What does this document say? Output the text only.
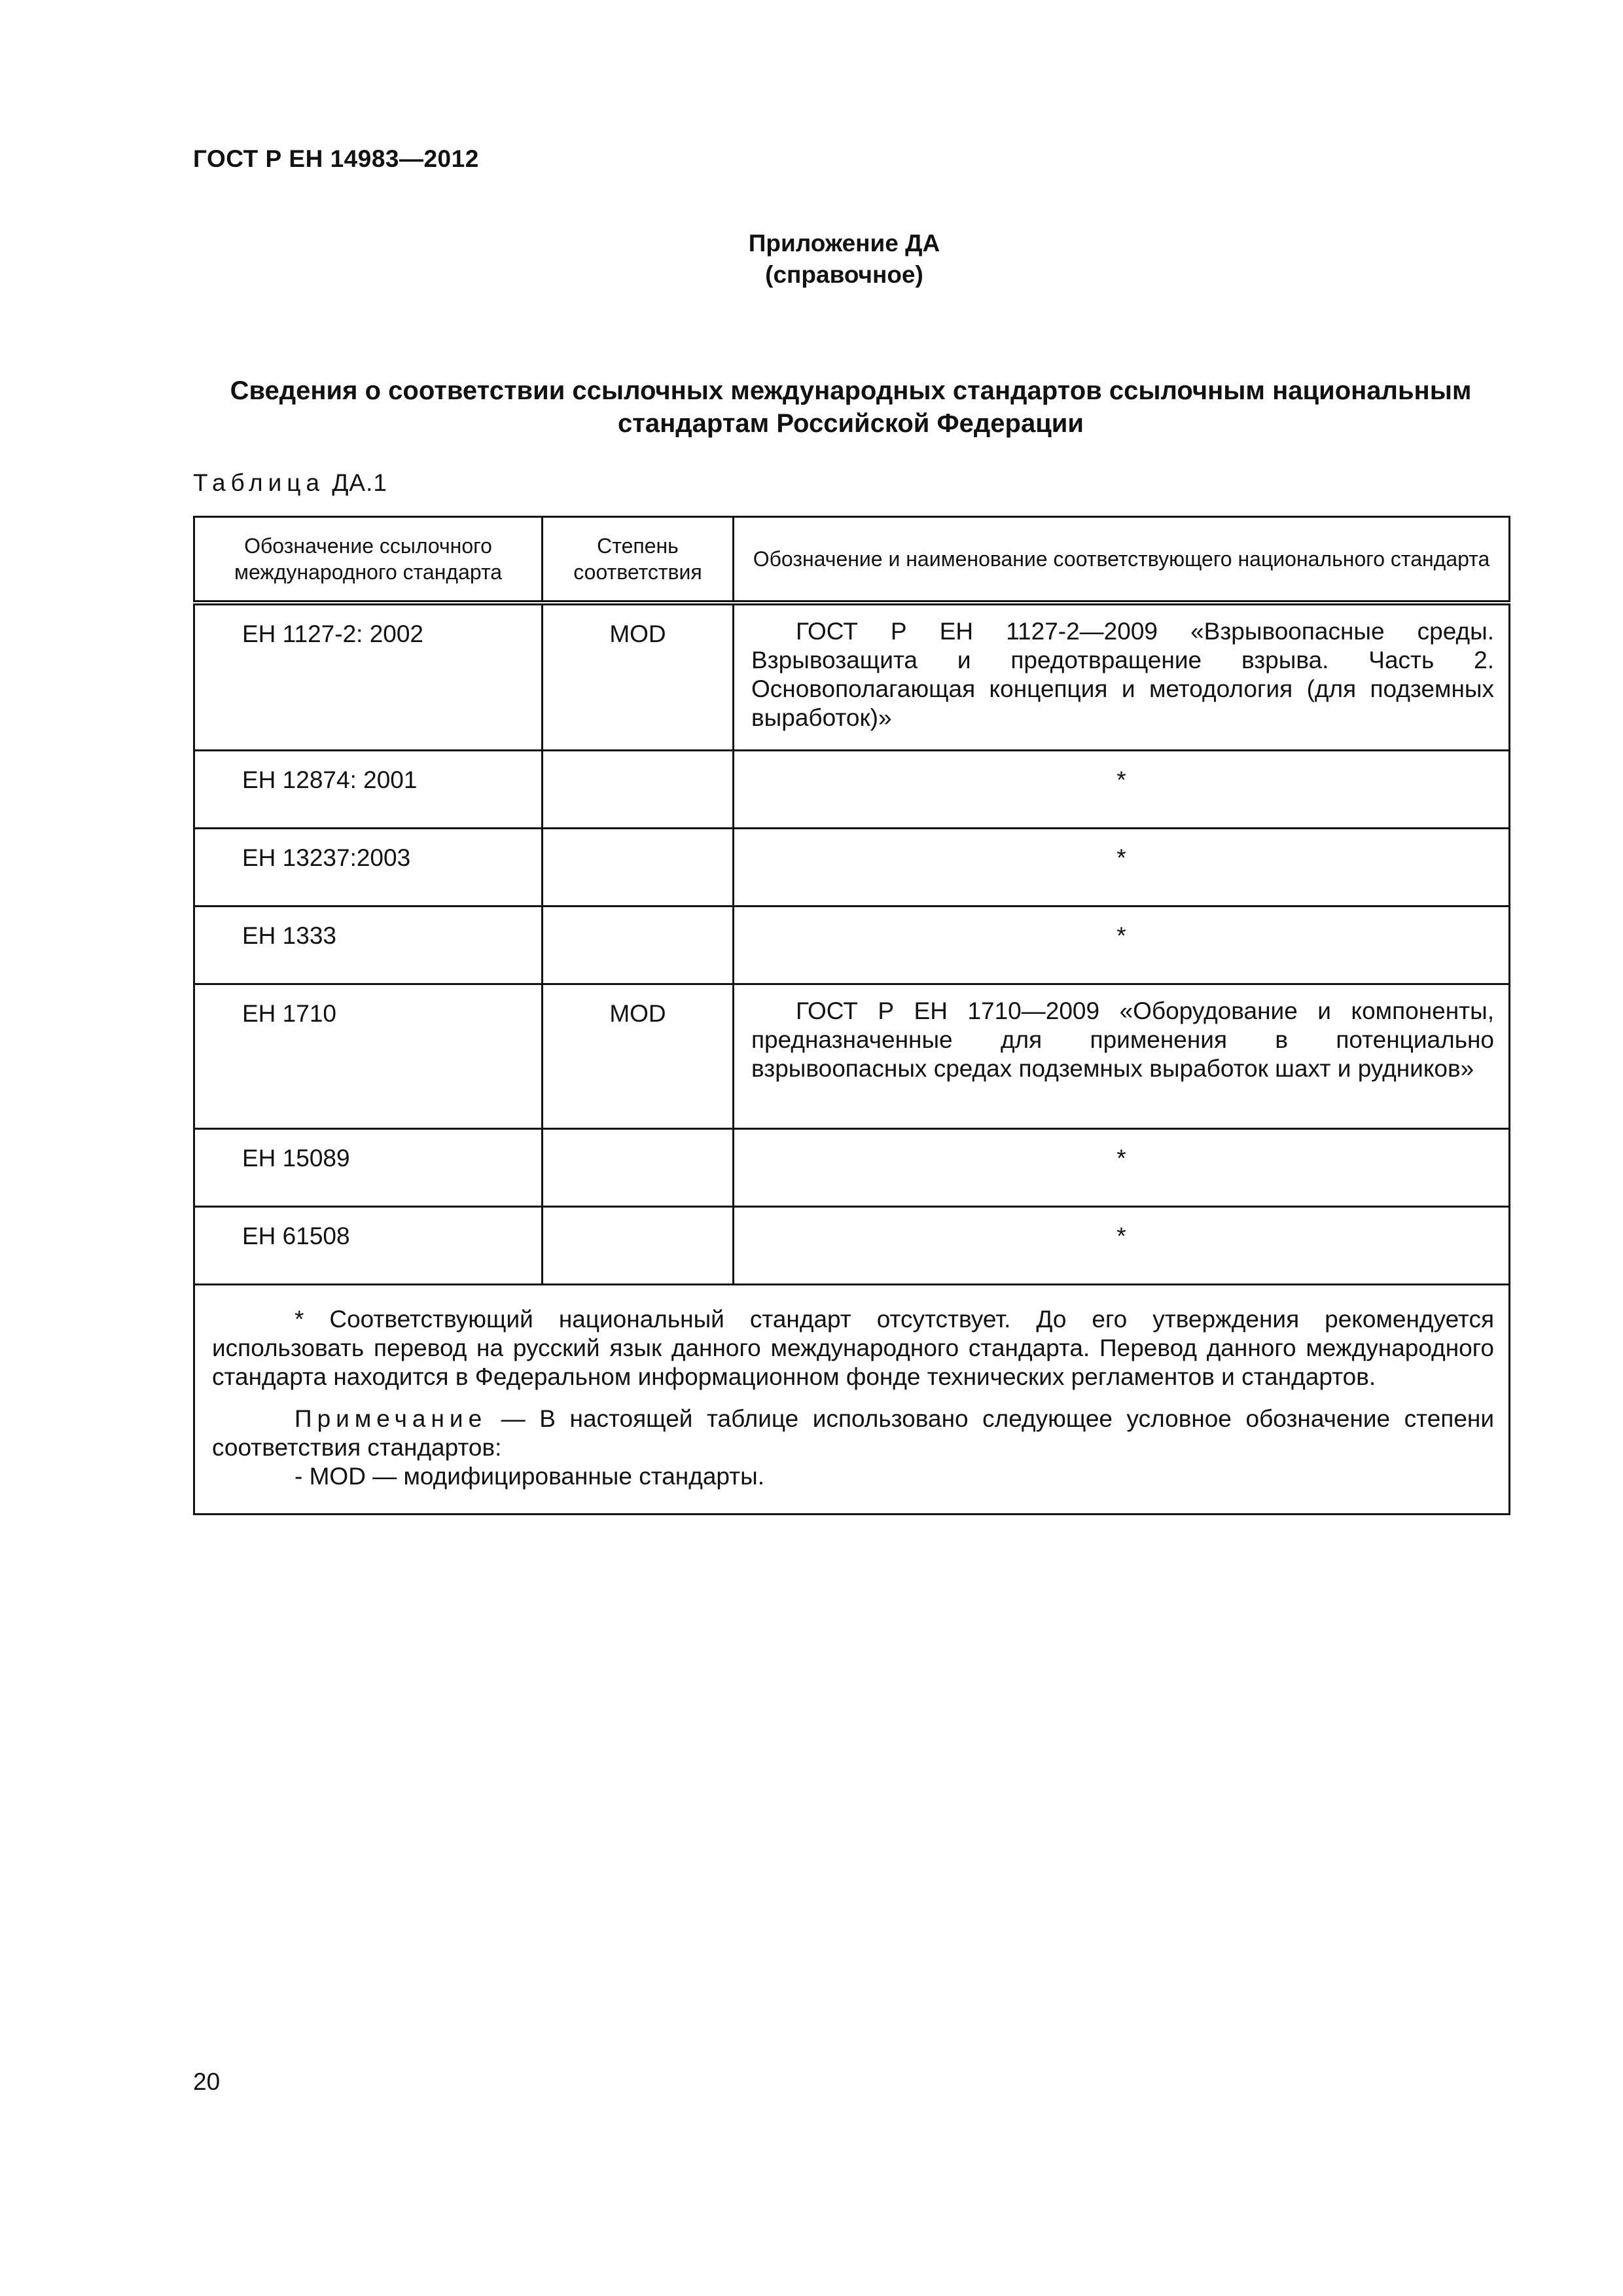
ГОСТ Р ЕН 14983—2012
Приложение ДА
(справочное)
Сведения о соответствии ссылочных международных стандартов ссылочным национальным
стандартам Российской Федерации
Таблица ДА.1
Обозначение ссылочного международного стандарта	Степень соответствия	Обозначение и наименование соответствующего национального стандарта
ЕН 1127-2: 2002	MOD	ГОСТ Р ЕН 1127-2—2009 «Взрывоопасные среды. Взрывозащита и предотвращение взрыва. Часть 2. Основополагающая концепция и методология (для подземных выработок)»

ЕН 12874: 2001		*
ЕН 13237:2003		*
ЕН 1333		*
ЕН 1710	MOD	ГОСТ Р ЕН 1710—2009 «Оборудование и компоненты, предназначенные для применения в потенциально взрывоопасных средах подземных выработок шахт и рудников»

ЕН 15089		*
ЕН 61508		*

* Соответствующий национальный стандарт отсутствует. До его утверждения рекомендуется использовать перевод на русский язык данного международного стандарта. Перевод данного международного стандарта находится в Федеральном информационном фонде технических регламентов и стандартов.

Примечание — В настоящей таблице использовано следующее условное обозначение степени соответствия стандартов:

- MOD — модифицированные стандарты.		

20
